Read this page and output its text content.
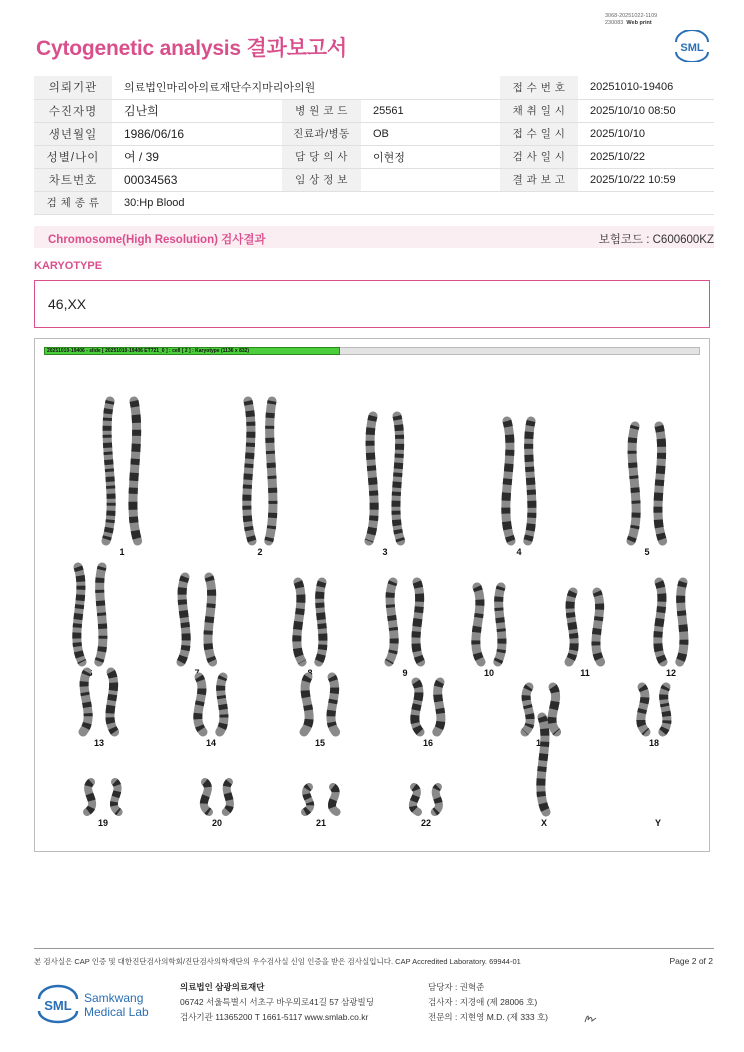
Cytogenetic analysis 결과보고서
3068-20251022-1109
230083 Web print
SML
의뢰기관	의료법인마리아의료재단수지마리아의원			접 수 번 호	20251010-19406
수진자명	김난희	병 원 코 드	25561	채 취 일 시	2025/10/10 08:50
생년월일	1986/06/16	진료과/병동	OB	접 수 일 시	2025/10/10
성별/나이	여 / 39	담 당 의 사	이현정	검 사 일 시	2025/10/22
차트번호	00034563	임 상 정 보		결 과 보 고	2025/10/22 10:59
검 체 종 류	30:Hp Blood				
Chromosome(High Resolution) 검사결과	보험코드 : C600600KZ
KARYOTYPE
46,XX
20251010-19406 - slide [ 20251010-19406 ET721_0 ] : cell [ 2 ] : Karyotype (1136 x 832)
1	2	3	4	5
6	7	8	9	10	11	12
13	14	15	16	17	18
19	20	21	22	X	Y
본 검사실은 CAP 인증 및 대한진단검사의학회/진단검사의학재단의 우수검사실 신임 인증을 받은 검사실입니다. CAP Accredited Laboratory. 69944-01	Page 2 of 2
SML Samkwang
Medical Lab
의료법인 삼광의료재단
06742 서울특별시 서초구 바우뫼로41길 57 삼광빌딩
검사기관 11365200 T 1661-5117 www.smlab.co.kr
담당자 : 권혁준
검사자 : 지경애 (제 28006 호)
전문의 : 지현영 M.D. (제 333 호)
